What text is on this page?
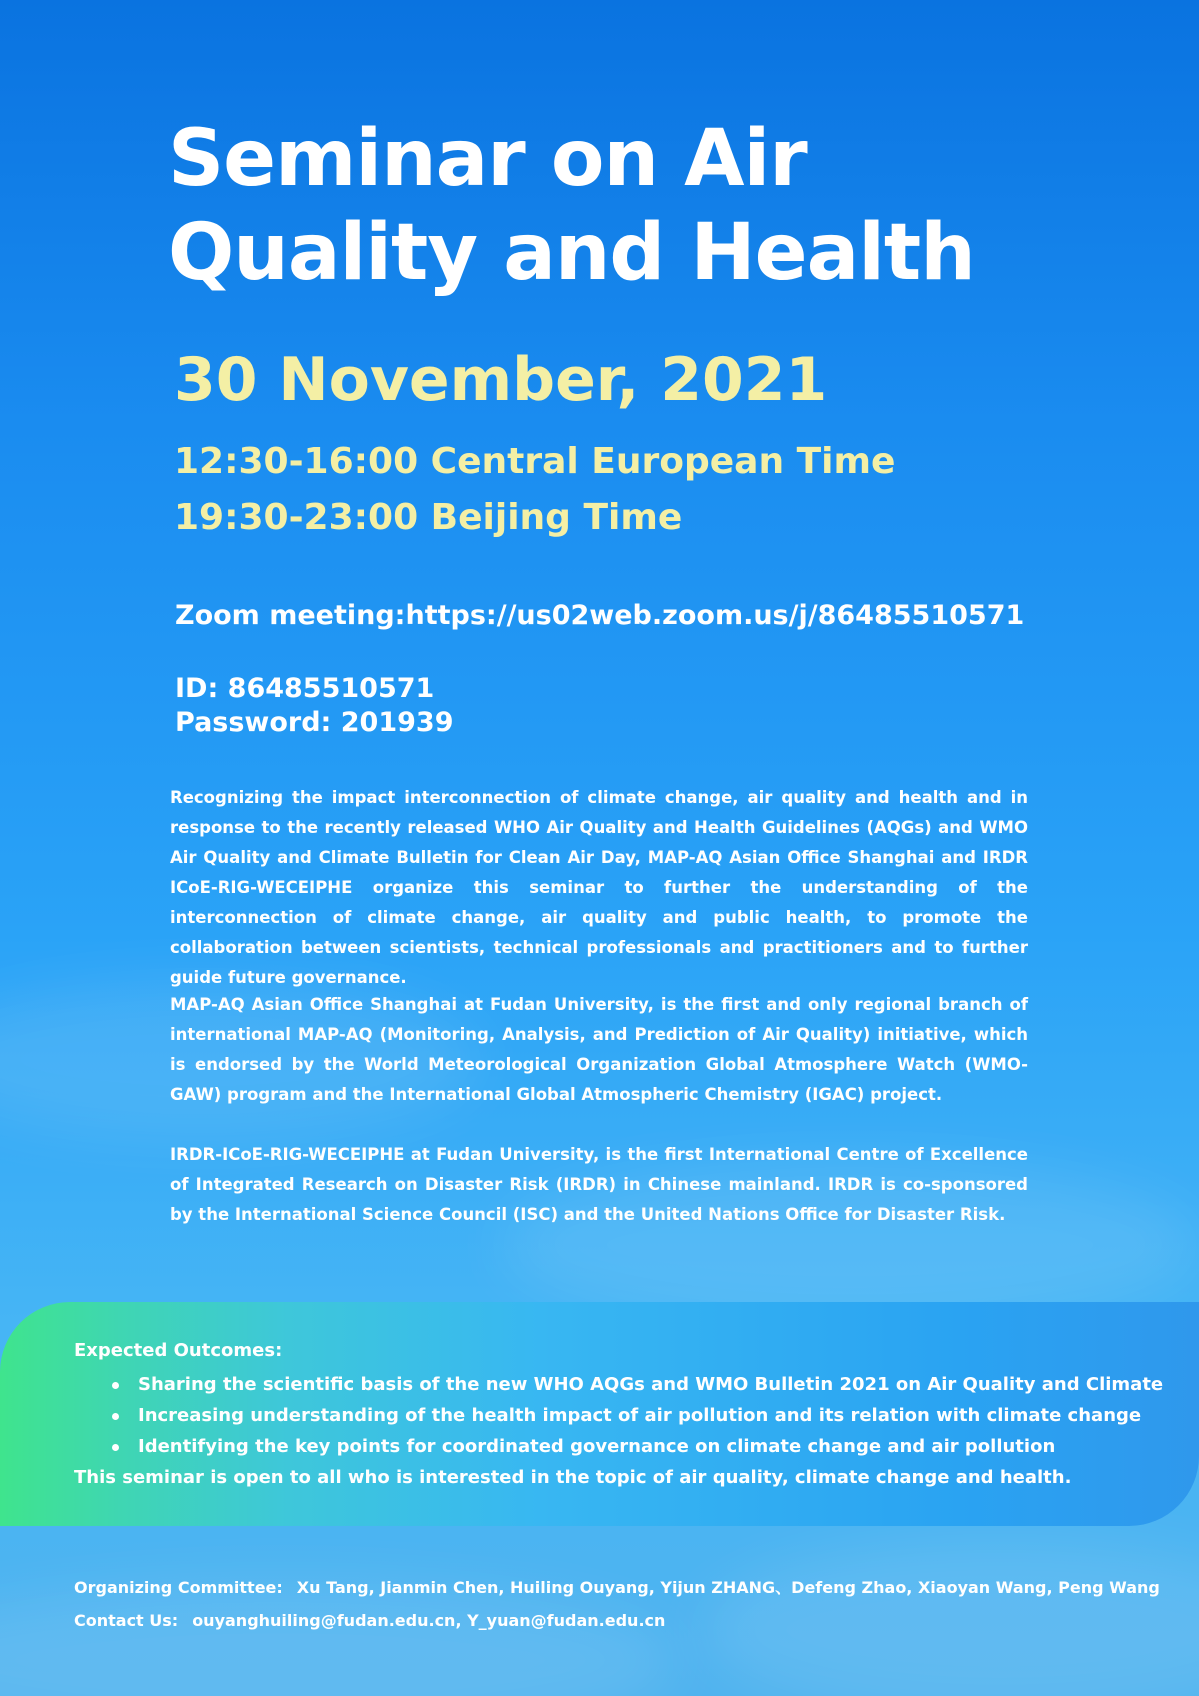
Seminar on Air
Quality and Health
30 November, 2021
12:30-16:00 Central European Time
19:30-23:00 Beijing Time
Zoom meeting:https://us02web.zoom.us/j/86485510571
ID: 86485510571
Password: 201939

Recognizing the impact interconnection of climate change, air quality and health and in response to the recently released WHO Air Quality and Health Guidelines (AQGs) and WMO Air Quality and Climate Bulletin for Clean Air Day, MAP-AQ Asian Office Shanghai and IRDR ICoE-RIG-WECEIPHE organize this seminar to further the understanding of the interconnection of climate change, air quality and public health, to promote the collaboration between scientists, technical professionals and practitioners and to further guide future governance.

MAP-AQ Asian Office Shanghai at Fudan University, is the first and only regional branch of international MAP-AQ (Monitoring, Analysis, and Prediction of Air Quality) initiative, which is endorsed by the World Meteorological Organization Global Atmosphere Watch (WMO-GAW) program and the International Global Atmospheric Chemistry (IGAC) project.

IRDR-ICoE-RIG-WECEIPHE at Fudan University, is the first International Centre of Excellence of Integrated Research on Disaster Risk (IRDR) in Chinese mainland. IRDR is co-sponsored by the International Science Council (ISC) and the United Nations Office for Disaster Risk.

Expected Outcomes:
Sharing the scientific basis of the new WHO AQGs and WMO Bulletin 2021 on Air Quality and Climate
Increasing understanding of the health impact of air pollution and its relation with climate change
Identifying the key points for coordinated governance on climate change and air pollution
This seminar is open to all who is interested in the topic of air quality, climate change and health.
Organizing Committee: Xu Tang, Jianmin Chen, Huiling Ouyang, Yijun ZHANG、Defeng Zhao, Xiaoyan Wang, Peng Wang
Contact Us: ouyanghuiling@fudan.edu.cn, Y_yuan@fudan.edu.cn
